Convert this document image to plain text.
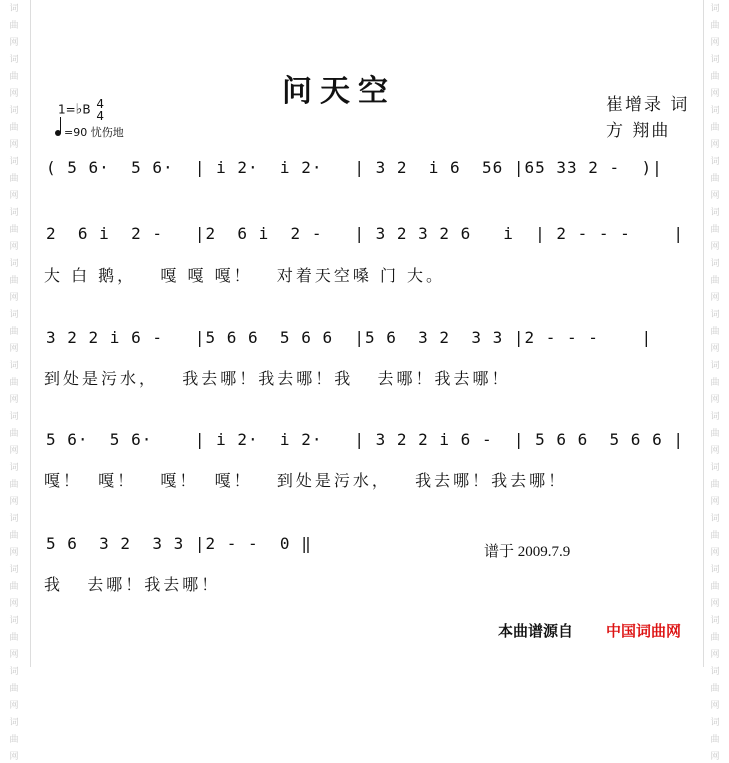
词
曲
网
词
曲
网
词
曲
网
词
曲
网
词
曲
网
词
曲
网
词
曲
网
词
曲
网
词
曲
网
词
曲
网
词
曲
网
词
曲
网
词
曲
网
词
曲
网
词
曲
网
词
曲
网
词
曲
网
词
曲
网
词
曲
网
词
曲
网
词
曲
网
词
曲
网
词
曲
网
词
曲
网
词
曲
网
词
曲
网
词
曲
网
词
曲
网
词
曲
网
词
曲
网
问天空	崔增录 词
方 翔曲
1=♭B 4
4
=90 忧伤地
( 5 6·  5 6·  | i 2·  i 2·   | 3 2  i 6  56 |65 33 2 -  )|
2  6 i  2 -   |2  6 i  2 -   | 3 2 3 2 6   i  | 2 - - -    |
大 白 鹅，   嘎 嘎 嘎！   对着天空嗓 门 大。
3 2 2 i 6 -   |5 6 6  5 6 6  |5 6  3 2  3 3 |2 - - -    |
到处是污水，   我去哪！我去哪！我   去哪！我去哪！
5 6·  5 6·    | i 2·  i 2·   | 3 2 2 i 6 -  | 5 6 6  5 6 6 |
嘎！  嘎！   嘎！  嘎！   到处是污水，   我去哪！我去哪！
5 6  3 2  3 3 |2 - -  0 ‖
我   去哪！我去哪！
谱于 2009.7.9
本曲谱源自 中国词曲网
